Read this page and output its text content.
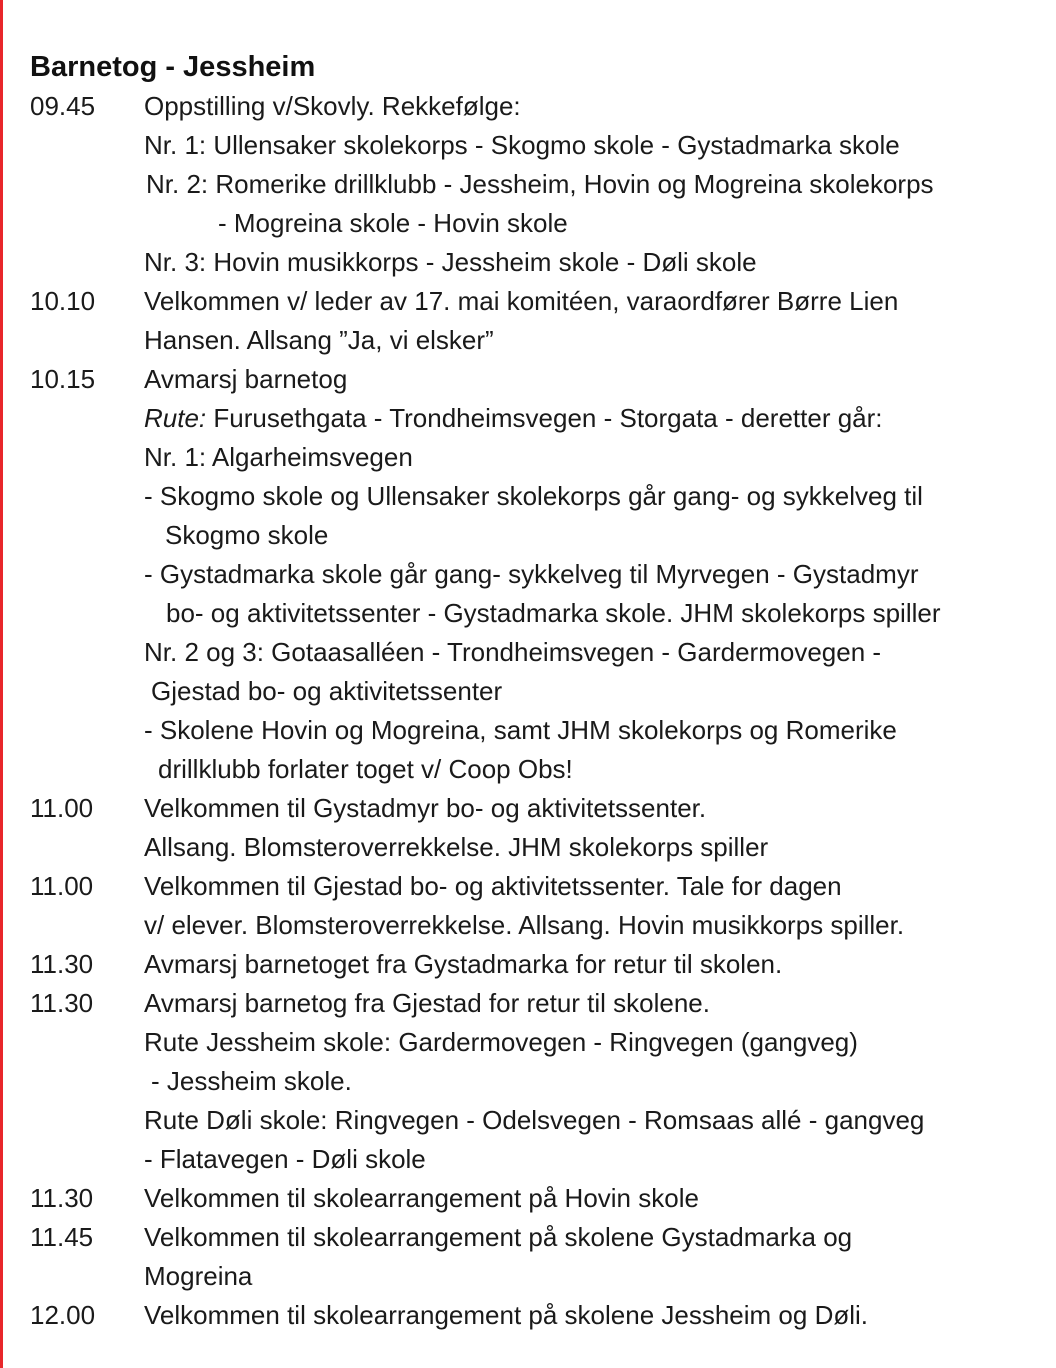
Barnetog - Jessheim
09.45 Oppstilling v/Skovly. Rekkefølge:
Nr. 1: Ullensaker skolekorps - Skogmo skole - Gystadmarka skole
Nr. 2: Romerike drillklubb - Jessheim, Hovin og Mogreina skolekorps
- Mogreina skole - Hovin skole
Nr. 3: Hovin musikkorps - Jessheim skole - Døli skole
10.10 Velkommen v/ leder av 17. mai komitéen, varaordfører Børre Lien
Hansen. Allsang ”Ja, vi elsker”
10.15 Avmarsj barnetog
Rute: Furusethgata - Trondheimsvegen - Storgata - deretter går:
Nr. 1: Algarheimsvegen
- Skogmo skole og Ullensaker skolekorps går gang- og sykkelveg til
Skogmo skole
- Gystadmarka skole går gang- sykkelveg til Myrvegen - Gystadmyr
bo- og aktivitetssenter - Gystadmarka skole. JHM skolekorps spiller
Nr. 2 og 3: Gotaasalléen - Trondheimsvegen - Gardermovegen -
Gjestad bo- og aktivitetssenter
- Skolene Hovin og Mogreina, samt JHM skolekorps og Romerike
drillklubb forlater toget v/ Coop Obs!
11.00 Velkommen til Gystadmyr bo- og aktivitetssenter.
Allsang. Blomsteroverrekkelse. JHM skolekorps spiller
11.00 Velkommen til Gjestad bo- og aktivitetssenter. Tale for dagen
v/ elever. Blomsteroverrekkelse. Allsang. Hovin musikkorps spiller.
11.30 Avmarsj barnetoget fra Gystadmarka for retur til skolen.
11.30 Avmarsj barnetog fra Gjestad for retur til skolene.
Rute Jessheim skole: Gardermovegen - Ringvegen (gangveg)
- Jessheim skole.
Rute Døli skole: Ringvegen - Odelsvegen - Romsaas allé - gangveg
- Flatavegen - Døli skole
11.30 Velkommen til skolearrangement på Hovin skole
11.45 Velkommen til skolearrangement på skolene Gystadmarka og
Mogreina
12.00 Velkommen til skolearrangement på skolene Jessheim og Døli.
